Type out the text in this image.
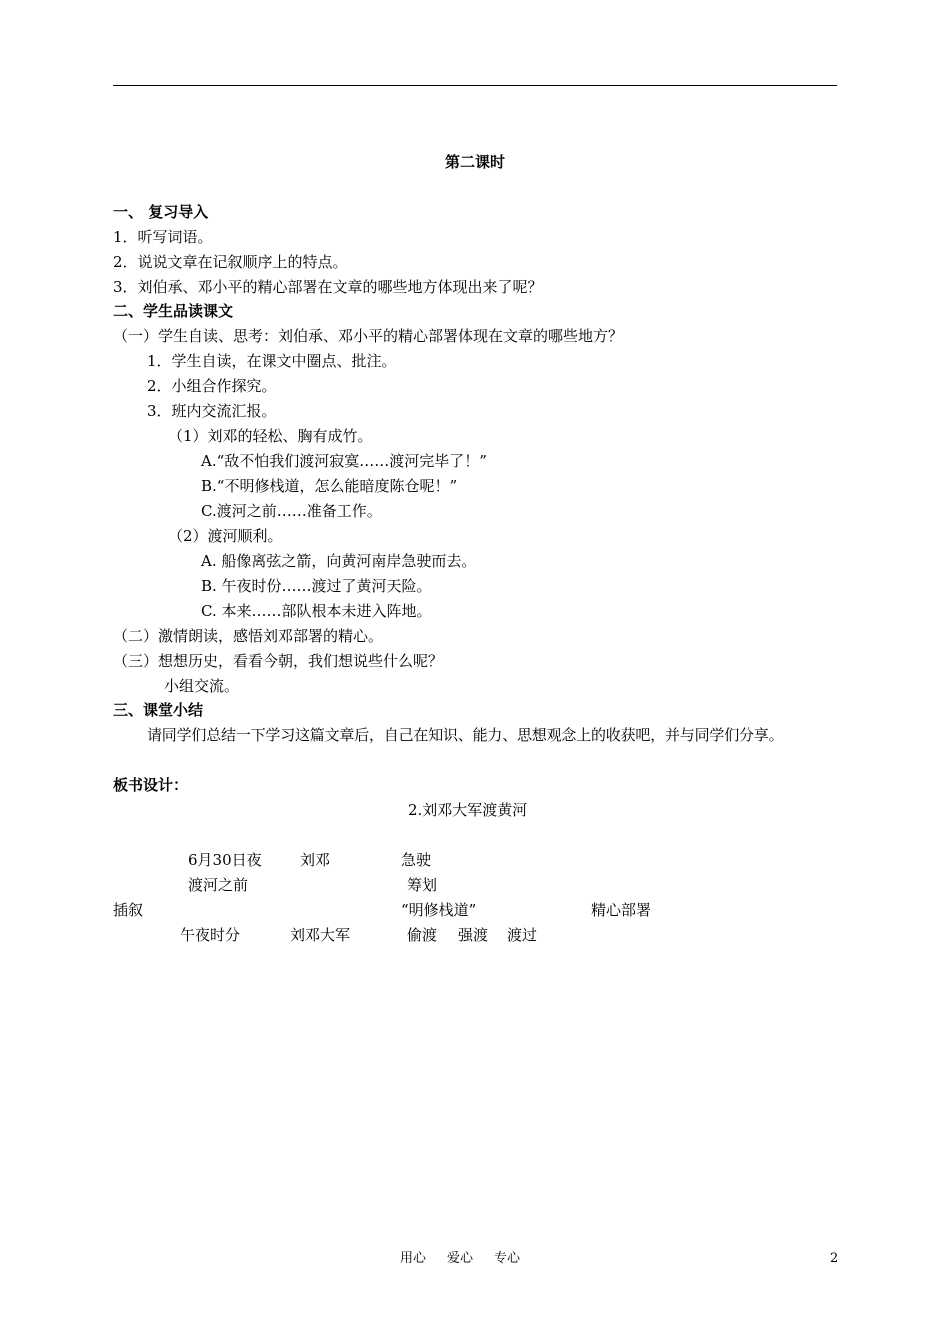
第二课时
一、 复习导入
1．听写词语。
2．说说文章在记叙顺序上的特点。
3．刘伯承、邓小平的精心部署在文章的哪些地方体现出来了呢？
二、学生品读课文
（一）学生自读、思考：刘伯承、邓小平的精心部署体现在文章的哪些地方？
1．学生自读，在课文中圈点、批注。
2．小组合作探究。
3．班内交流汇报。
（1）刘邓的轻松、胸有成竹。
A.“敌不怕我们渡河寂寞……渡河完毕了！”
B.“不明修栈道，怎么能暗度陈仓呢！”
C.渡河之前……准备工作。
（2）渡河顺利。
A. 船像离弦之箭，向黄河南岸急驶而去。
B. 午夜时份……渡过了黄河天险。
C. 本来……部队根本未进入阵地。
（二）激情朗读，感悟刘邓部署的精心。
（三）想想历史，看看今朝，我们想说些什么呢？
小组交流。
三、课堂小结
请同学们总结一下学习这篇文章后，自己在知识、能力、思想观念上的收获吧，并与同学们分享。
板书设计：
2.刘邓大军渡黄河
6月30日夜	刘邓	急驶
渡河之前	筹划
插叙	“明修栈道”	精心部署
午夜时分	刘邓大军	偷渡 强渡 渡过
用心 爱心 专心	2
